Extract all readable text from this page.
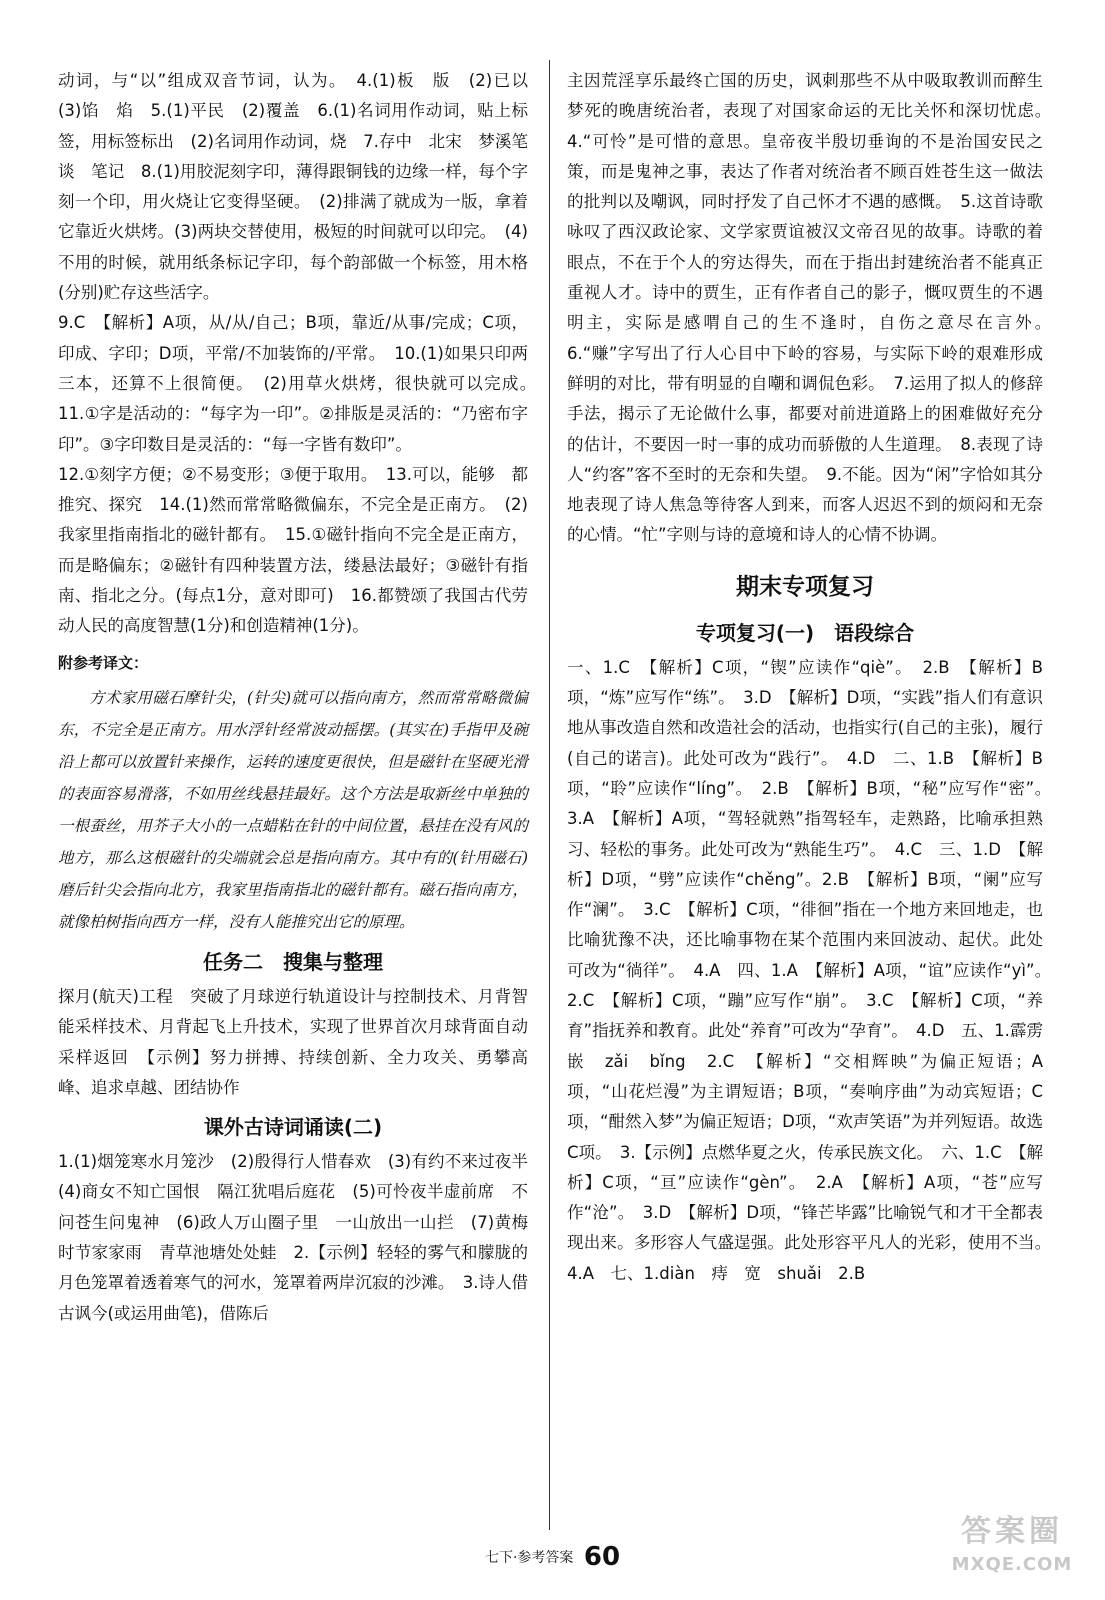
动词，与“以”组成双音节词，认为。　4.(1)板　版　(2)已以　(3)馅　焰　5.(1)平民　(2)覆盖　6.(1)名词用作动词，贴上标签，用标签标出　(2)名词用作动词，烧　7.存中　北宋　梦溪笔谈　笔记　8.(1)用胶泥刻字印，薄得跟铜钱的边缘一样，每个字刻一个印，用火烧让它变得坚硬。　(2)排满了就成为一版，拿着它靠近火烘烤。(3)两块交替使用，极短的时间就可以印完。　(4)不用的时候，就用纸条标记字印，每个韵部做一个标签，用木格(分别)贮存这些活字。

9.C　【解析】A项，从/从/自己；B项，靠近/从事/完成；C项，印成、字印；D项，平常/不加装饰的/平常。　10.(1)如果只印两三本，还算不上很简便。　(2)用草火烘烤，很快就可以完成。　11.①字是活动的：“每字为一印”。②排版是灵活的：“乃密布字印”。③字印数目是灵活的：“每一字皆有数印”。

12.①刻字方便；②不易变形；③便于取用。　13.可以，能够　都　推究、探究　14.(1)然而常常略微偏东，不完全是正南方。　(2)我家里指南指北的磁针都有。　15.①磁针指向不完全是正南方，而是略偏东；②磁针有四种装置方法，缕悬法最好；③磁针有指南、指北之分。(每点1分，意对即可)　16.都赞颂了我国古代劳动人民的高度智慧(1分)和创造精神(1分)。

附参考译文：

方术家用磁石摩针尖，(针尖)就可以指向南方，然而常常略微偏东，不完全是正南方。用水浮针经常波动摇摆。(其实在)手指甲及碗沿上都可以放置针来操作，运转的速度更很快，但是磁针在坚硬光滑的表面容易滑落，不如用丝线悬挂最好。这个方法是取新丝中单独的一根蚕丝，用芥子大小的一点蜡粘在针的中间位置，悬挂在没有风的地方，那么这根磁针的尖端就会总是指向南方。其中有的(针用磁石)磨后针尖会指向北方，我家里指南指北的磁针都有。磁石指向南方，就像柏树指向西方一样，没有人能推究出它的原理。

任务二　搜集与整理

探月(航天)工程　突破了月球逆行轨道设计与控制技术、月背智能采样技术、月背起飞上升技术，实现了世界首次月球背面自动采样返回　【示例】努力拼搏、持续创新、全力攻关、勇攀高峰、追求卓越、团结协作

课外古诗词诵读(二)

1.(1)烟笼寒水月笼沙　(2)殷得行人惜春欢　(3)有约不来过夜半　(4)商女不知亡国恨　隔江犹唱后庭花　(5)可怜夜半虚前席　不问苍生问鬼神　(6)政人万山圈子里　一山放出一山拦　(7)黄梅时节家家雨　青草池塘处处蛙　2.【示例】轻轻的雾气和朦胧的月色笼罩着透着寒气的河水，笼罩着两岸沉寂的沙滩。　3.诗人借古讽今(或运用曲笔)，借陈后

主因荒淫享乐最终亡国的历史，讽刺那些不从中吸取教训而醉生梦死的晚唐统治者，表现了对国家命运的无比关怀和深切忧虑。　4.“可怜”是可惜的意思。皇帝夜半殷切垂询的不是治国安民之策，而是鬼神之事，表达了作者对统治者不顾百姓苍生这一做法的批判以及嘲讽，同时抒发了自己怀才不遇的感慨。　5.这首诗歌咏叹了西汉政论家、文学家贾谊被汉文帝召见的故事。诗歌的着眼点，不在于个人的穷达得失，而在于指出封建统治者不能真正重视人才。诗中的贾生，正有作者自己的影子，慨叹贾生的不遇明主，实际是感喟自己的生不逢时，自伤之意尽在言外。　6.“赚”字写出了行人心目中下岭的容易，与实际下岭的艰难形成鲜明的对比，带有明显的自嘲和调侃色彩。　7.运用了拟人的修辞手法，揭示了无论做什么事，都要对前进道路上的困难做好充分的估计，不要因一时一事的成功而骄傲的人生道理。　8.表现了诗人“约客”客不至时的无奈和失望。　9.不能。因为“闲”字恰如其分地表现了诗人焦急等待客人到来，而客人迟迟不到的烦闷和无奈的心情。“忙”字则与诗的意境和诗人的心情不协调。

期末专项复习

专项复习(一)　语段综合

一、1.C　【解析】C项，“锲”应读作“qiè”。　2.B　【解析】B项，“炼”应写作“练”。　3.D　【解析】D项，“实践”指人们有意识地从事改造自然和改造社会的活动，也指实行(自己的主张)，履行(自己的诺言)。此处可改为“践行”。　4.D　二、1.B　【解析】B项，“聆”应读作“líng”。　2.B　【解析】B项，“秘”应写作“密”。　3.A　【解析】A项，“驾轻就熟”指驾轻车，走熟路，比喻承担熟习、轻松的事务。此处可改为“熟能生巧”。　4.C　三、1.D　【解析】D项，“劈”应读作“chěng”。2.B　【解析】B项，“阑”应写作“澜”。　3.C　【解析】C项，“徘徊”指在一个地方来回地走，也比喻犹豫不决，还比喻事物在某个范围内来回波动、起伏。此处可改为“徜徉”。　4.A　四、1.A　【解析】A项，“谊”应读作“yì”。　2.C　【解析】C项，“蹦”应写作“崩”。　3.C　【解析】C项，“养育”指抚养和教育。此处“养育”可改为“孕育”。　4.D　五、1.霹雳　嵌　zǎi　bǐng　2.C　【解析】“交相辉映”为偏正短语；A项，“山花烂漫”为主谓短语；B项，“奏响序曲”为动宾短语；C项，“酣然入梦”为偏正短语；D项，“欢声笑语”为并列短语。故选C项。　3.【示例】点燃华夏之火，传承民族文化。　六、1.C　【解析】C项，“亘”应读作“gèn”。　2.A　【解析】A项，“苍”应写作“沧”。　3.D　【解析】D项，“锋芒毕露”比喻锐气和才干全都表现出来。多形容人气盛逞强。此处形容平凡人的光彩，使用不当。　4.A　七、1.diàn　痔　宽　shuǎi　2.B

七下·参考答案 60
答案圈
MXQE.COM
